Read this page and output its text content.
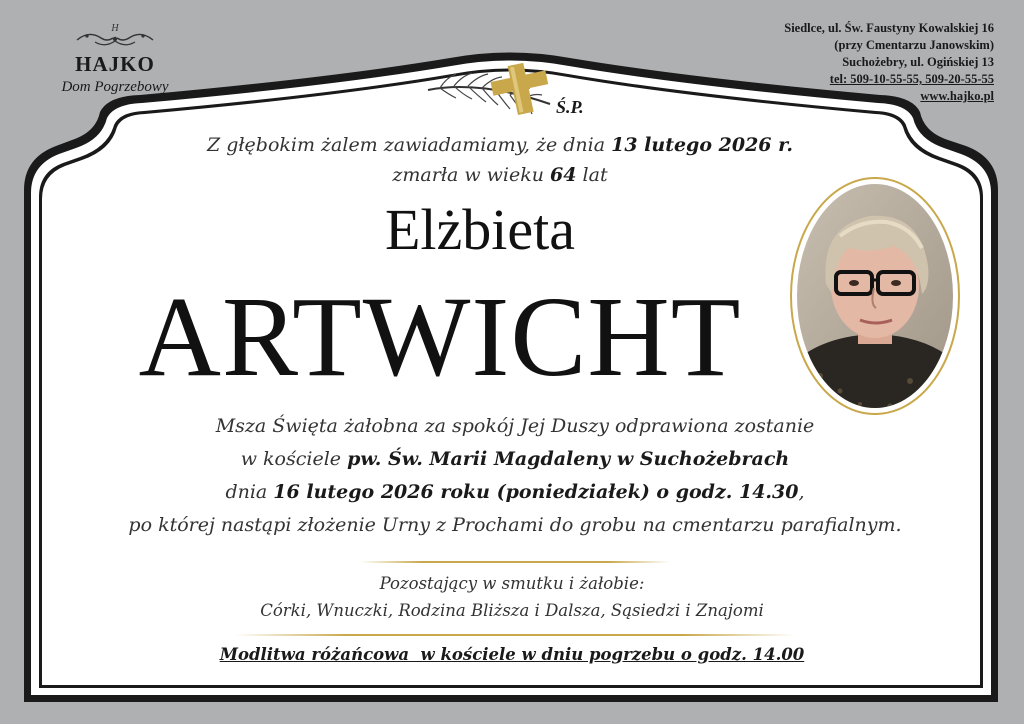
H
HAJKO
Dom Pogrzebowy
Siedlce, ul. Św. Faustyny Kowalskiej 16
(przy Cmentarzu Janowskim)
Suchożebry, ul. Ogińskiej 13
tel: 509-10-55-55, 509-20-55-55
www.hajko.pl
Ś.P.
Z głębokim żalem zawiadamiamy, że dnia 13 lutego 2026 r.
zmarła w wieku 64 lat
Elżbieta
ARTWICHT
Msza Święta żałobna za spokój Jej Duszy odprawiona zostanie
w kościele pw. Św. Marii Magdaleny w Suchożebrach
dnia 16 lutego 2026 roku (poniedziałek) o godz. 14.30,
po której nastąpi złożenie Urny z Prochami do grobu na cmentarzu parafialnym.
Pozostający w smutku i żałobie:
Córki, Wnuczki, Rodzina Bliższa i Dalsza, Sąsiedzi i Znajomi
Modlitwa różańcowa  w kościele w dniu pogrzebu o godz. 14.00
